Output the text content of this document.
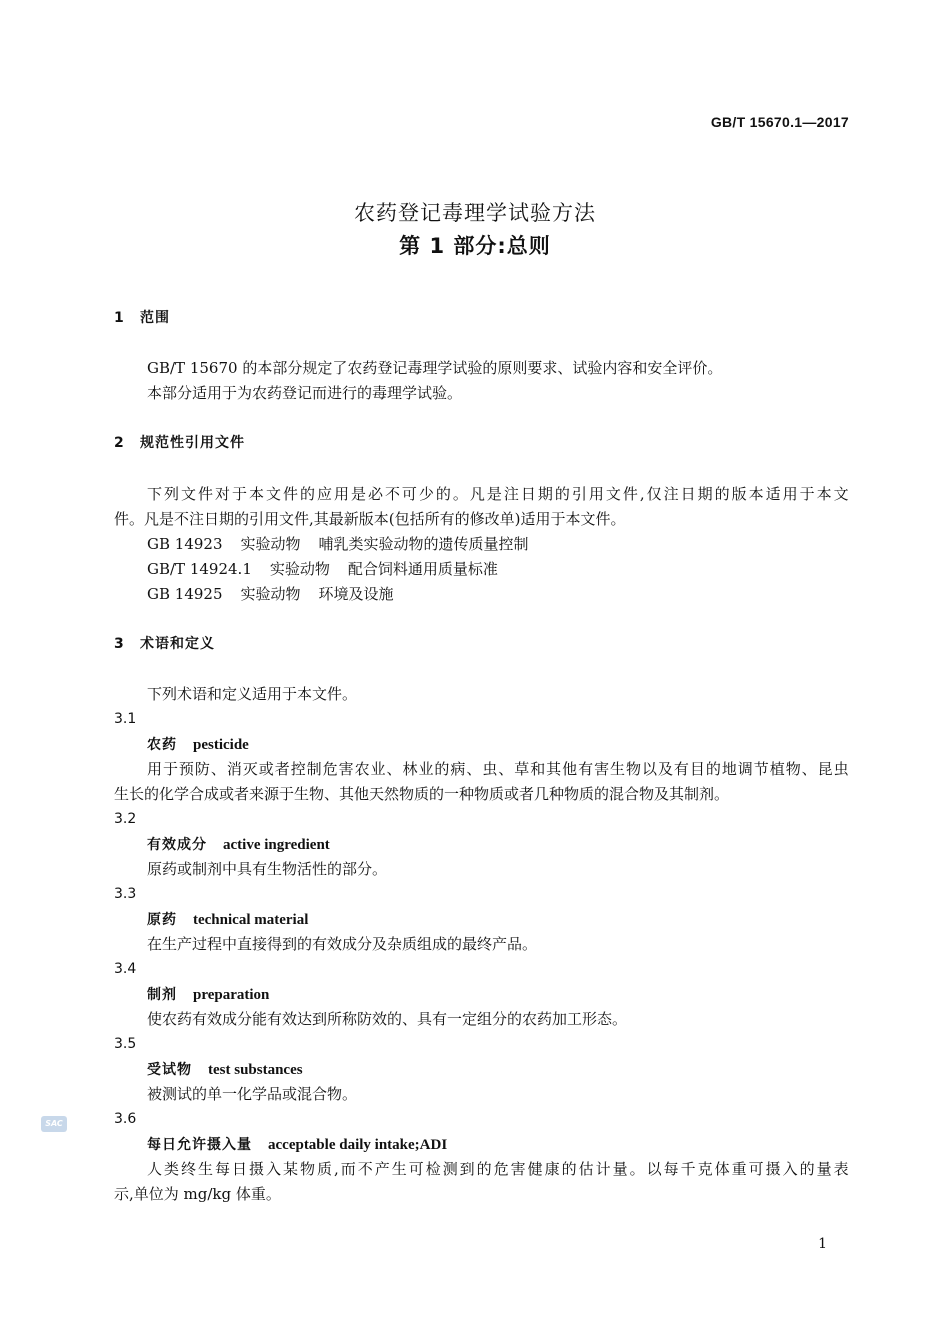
GB/T 15670.1—2017
农药登记毒理学试验方法
第 1 部分:总则
1 范围
GB/T 15670 的本部分规定了农药登记毒理学试验的原则要求、试验内容和安全评价。
本部分适用于为农药登记而进行的毒理学试验。
2 规范性引用文件
下列文件对于本文件的应用是必不可少的。凡是注日期的引用文件,仅注日期的版本适用于本文
件。凡是不注日期的引用文件,其最新版本(包括所有的修改单)适用于本文件。
GB 14923 实验动物 哺乳类实验动物的遗传质量控制
GB/T 14924.1 实验动物 配合饲料通用质量标准
GB 14925 实验动物 环境及设施
3 术语和定义
下列术语和定义适用于本文件。
3.1
农药 pesticide
用于预防、消灭或者控制危害农业、林业的病、虫、草和其他有害生物以及有目的地调节植物、昆虫
生长的化学合成或者来源于生物、其他天然物质的一种物质或者几种物质的混合物及其制剂。
3.2
有效成分 active ingredient
原药或制剂中具有生物活性的部分。
3.3
原药 technical material
在生产过程中直接得到的有效成分及杂质组成的最终产品。
3.4
制剂 preparation
使农药有效成分能有效达到所称防效的、具有一定组分的农药加工形态。
3.5
受试物 test substances
被测试的单一化学品或混合物。
3.6
每日允许摄入量 acceptable daily intake;ADI
人类终生每日摄入某物质,而不产生可检测到的危害健康的估计量。以每千克体重可摄入的量表
示,单位为 mg/kg 体重。
SAC
1
